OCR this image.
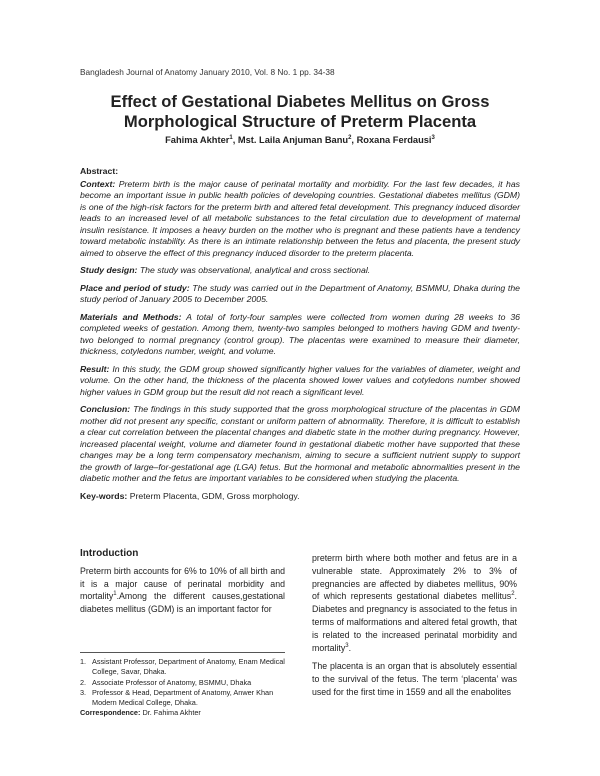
Bangladesh Journal of Anatomy January 2010, Vol. 8 No. 1 pp. 34-38
Effect of Gestational Diabetes Mellitus on Gross
Morphological Structure of Preterm Placenta
Fahima Akhter$^1$, Mst. Laila Anjuman Banu$^2$, Roxana Ferdausi$^3$
Abstract:

Context: Preterm birth is the major cause of perinatal mortality and morbidity. For the last few decades, it has become an important issue in public health policies of developing countries. Gestational diabetes mellitus (GDM) is one of the high-risk factors for the preterm birth and altered fetal development. This pregnancy induced disorder leads to an increased level of all metabolic substances to the fetal circulation due to development of maternal insulin resistance. It imposes a heavy burden on the mother who is pregnant and these patients have a tendency toward metabolic instability. As there is an intimate relationship between the fetus and placenta, the present study aimed to observe the effect of this pregnancy induced disorder to the preterm placenta.

Study design: The study was observational, analytical and cross sectional.

Place and period of study: The study was carried out in the Department of Anatomy, BSMMU, Dhaka during the study period of January 2005 to December 2005.

Materials and Methods: A total of forty-four samples were collected from women during 28 weeks to 36 completed weeks of gestation. Among them, twenty-two samples belonged to mothers having GDM and twenty-two belonged to normal pregnancy (control group). The placentas were examined to measure their diameter, thickness, cotyledons number, weight, and volume.

Result: In this study, the GDM group showed significantly higher values for the variables of diameter, weight and volume. On the other hand, the thickness of the placenta showed lower values and cotyledons number showed higher values in GDM group but the result did not reach a significant level.

Conclusion: The findings in this study supported that the gross morphological structure of the placentas in GDM mother did not present any specific, constant or uniform pattern of abnormality. Therefore, it is difficult to establish a clear cut correlation between the placental changes and diabetic state in the mother during pregnancy. However, increased placental weight, volume and diameter found in gestational diabetic mother have supported that these changes may be a long term compensatory mechanism, aiming to secure a sufficient nutrient supply to support the growth of large–for-gestational age (LGA) fetus. But the hormonal and metabolic abnormalities present in the diabetic mother and the fetus are important variables to be considered when studying the placenta.

Key-words: Preterm Placenta, GDM, Gross morphology.

Introduction

Preterm birth accounts for 6% to 10% of all birth and it is a major cause of perinatal morbidity and mortality$^1$.Among the different causes,gestational diabetes mellitus (GDM) is an important factor for

1. Assistant Professor, Department of Anatomy, Enam Medical College, Savar, Dhaka.
2. Associate Professor of Anatomy, BSMMU, Dhaka
3. Professor & Head, Department of Anatomy, Anwer Khan Modern Medical College, Dhaka.
Correspondence: Dr. Fahima Akhter

preterm birth where both mother and fetus are in a vulnerable state. Approximately 2% to 3% of pregnancies are affected by diabetes mellitus, 90% of which represents gestational diabetes mellitus$^2$. Diabetes and pregnancy is associated to the fetus in terms of malformations and altered fetal growth, that is related to the increased perinatal morbidity and mortality$^3$.

The placenta is an organ that is absolutely essential to the survival of the fetus. The term ‘placenta’ was used for the first time in 1559 and all the enabolites
